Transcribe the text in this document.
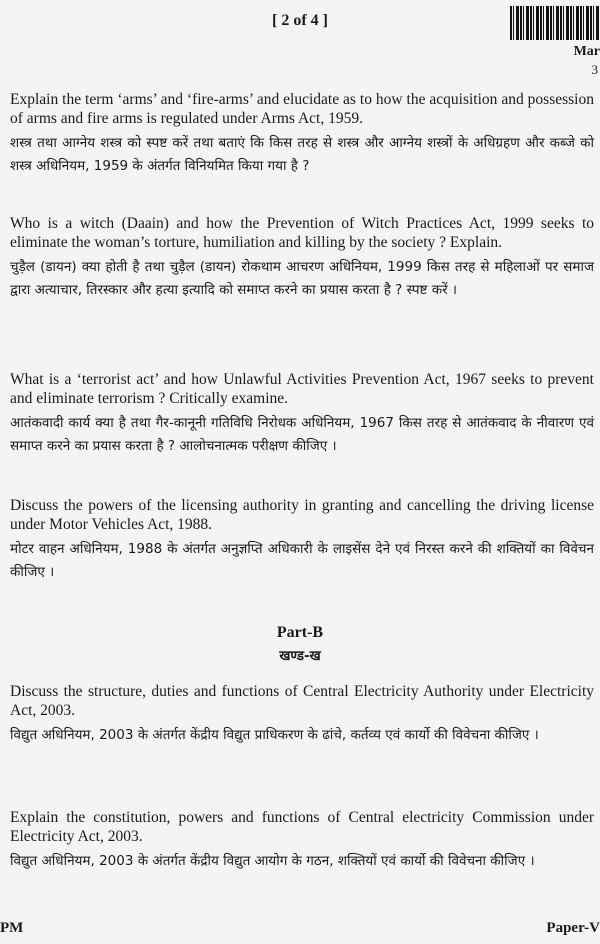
[ 2 of 4 ]
Mar
3

Explain the term ‘arms’ and ‘fire-arms’ and elucidate as to how the acquisition and possession of arms and fire arms is regulated under Arms Act, 1959.

शस्त्र तथा आग्नेय शस्त्र को स्पष्ट करें तथा बताएं कि किस तरह से शस्त्र और आग्नेय शस्त्रों के अधिग्रहण और कब्जे को शस्त्र अधिनियम, 1959 के अंतर्गत विनियमित किया गया है ?

Who is a witch (Daain) and how the Prevention of Witch Practices Act, 1999 seeks to eliminate the woman’s torture, humiliation and killing by the society ? Explain.

चुड़ैल (डायन) क्या होती है तथा चुड़ैल (डायन) रोकथाम आचरण अधिनियम, 1999 किस तरह से महिलाओं पर समाज द्वारा अत्याचार, तिरस्कार और हत्या इत्यादि को समाप्त करने का प्रयास करता है ? स्पष्ट करें ।

What is a ‘terrorist act’ and how Unlawful Activities Prevention Act, 1967 seeks to prevent and eliminate terrorism ? Critically examine.

आतंकवादी कार्य क्या है तथा गैर-कानूनी गतिविधि निरोधक अधिनियम, 1967 किस तरह से आतंकवाद के नीवारण एवं समाप्त करने का प्रयास करता है ? आलोचनात्मक परीक्षण कीजिए ।

Discuss the powers of the licensing authority in granting and cancelling the driving license under Motor Vehicles Act, 1988.

मोटर वाहन अधिनियम, 1988 के अंतर्गत अनुज्ञप्ति अधिकारी के लाइसेंस देने एवं निरस्त करने की शक्तियों का विवेचन कीजिए ।

Part-B
खण्ड-ख

Discuss the structure, duties and functions of Central Electricity Authority under Electricity Act, 2003.

विद्युत अधिनियम, 2003 के अंतर्गत केंद्रीय विद्युत प्राधिकरण के ढांचे, कर्तव्य एवं कार्यो की विवेचना कीजिए ।

Explain the constitution, powers and functions of Central electricity Commission under Electricity Act, 2003.

विद्युत अधिनियम, 2003 के अंतर्गत केंद्रीय विद्युत आयोग के गठन, शक्तियों एवं कार्यो की विवेचना कीजिए ।

PM	Paper-V
